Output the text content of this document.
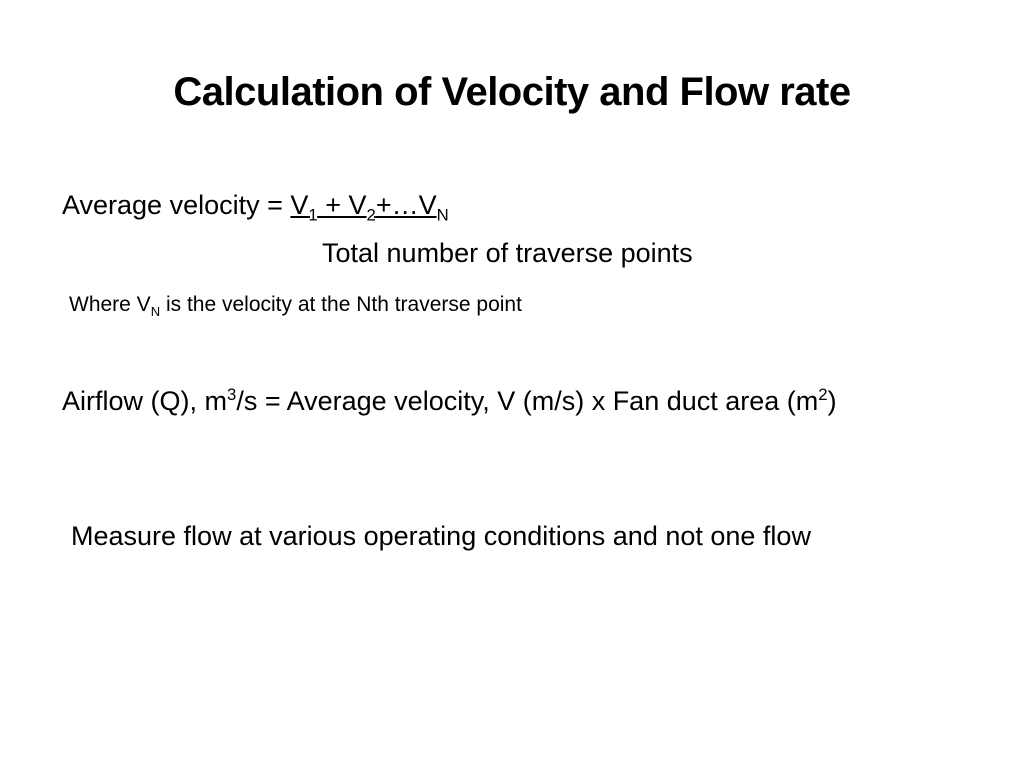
Calculation of Velocity and Flow rate
Average velocity = $V_1$ + $V_2+\dots V_N$
Total number of traverse points
Where $V_N$ is the velocity at the Nth traverse point
Airflow (Q), $m^3/s$ = Average velocity, V (m/s) x Fan duct area $(m^2)$
Measure flow at various operating conditions and not one flow
